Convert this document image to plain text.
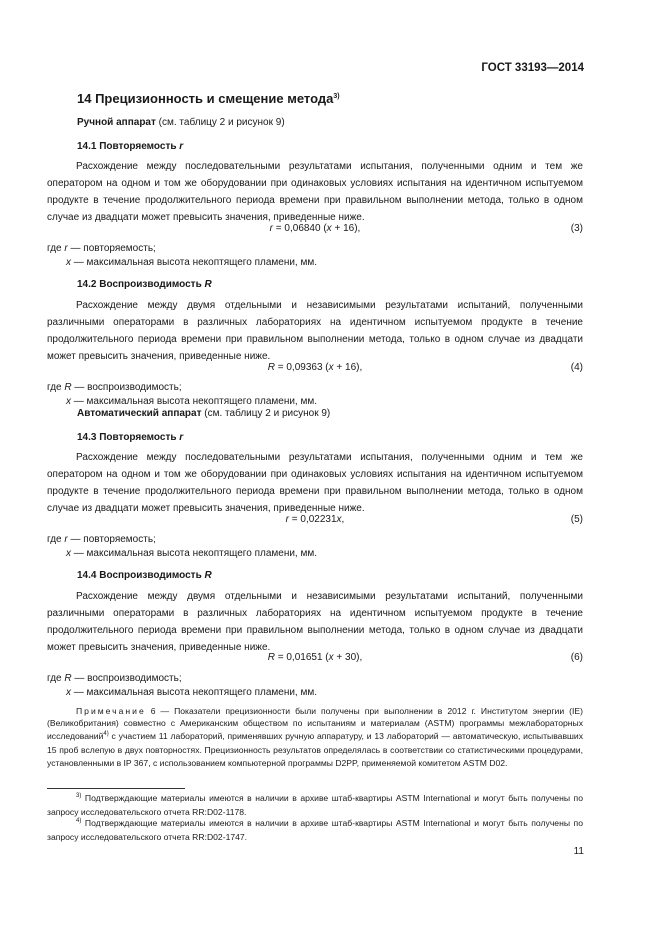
ГОСТ 33193—2014
14 Прецизионность и смещение метода$^{3)}$
Ручной аппарат (см. таблицу 2 и рисунок 9)
14.1 Повторяемость r
Расхождение между последовательными результатами испытания, полученными одним и тем же оператором на одном и том же оборудовании при одинаковых условиях испытания на идентичном испытуемом продукте в течение продолжительного периода времени при правильном выполнении метода, только в одном случае из двадцати может превысить значения, приведенные ниже.
r = 0,06840 (x + 16),	(3)
где r — повторяемость;
x — максимальная высота некоптящего пламени, мм.
14.2 Воспроизводимость R
Расхождение между двумя отдельными и независимыми результатами испытаний, полученными различными операторами в различных лабораториях на идентичном испытуемом продукте в течение продолжительного периода времени при правильном выполнении метода, только в одном случае из двадцати может превысить значения, приведенные ниже.
R = 0,09363 (x + 16),	(4)
где R — воспроизводимость;
x — максимальная высота некоптящего пламени, мм.
Автоматический аппарат (см. таблицу 2 и рисунок 9)
14.3 Повторяемость r
Расхождение между последовательными результатами испытания, полученными одним и тем же оператором на одном и том же оборудовании при одинаковых условиях испытания на идентичном испытуемом продукте в течение продолжительного периода времени при правильном выполнении метода, только в одном случае из двадцати может превысить значения, приведенные ниже.
r = 0,02231x,	(5)
где r — повторяемость;
x — максимальная высота некоптящего пламени, мм.
14.4 Воспроизводимость R
Расхождение между двумя отдельными и независимыми результатами испытаний, полученными различными операторами в различных лабораториях на идентичном испытуемом продукте в течение продолжительного периода времени при правильном выполнении метода, только в одном случае из двадцати может превысить значения, приведенные ниже.
R = 0,01651 (x + 30),	(6)
где R — воспроизводимость;
x — максимальная высота некоптящего пламени, мм.
Примечание 6 — Показатели прецизионности были получены при выполнении в 2012 г. Институтом энергии (IE) (Великобритания) совместно с Американским обществом по испытаниям и материалам (ASTM) программы межлабораторных исследований$^{4)}$ с участием 11 лабораторий, применявших ручную аппаратуру, и 13 лабораторий — автоматическую, испытывавших 15 проб вслепую в двух повторностях. Прецизионность результатов определялась в соответствии со статистическими процедурами, установленными в IP 367, с использованием компьютерной программы D2PP, применяемой комитетом ASTM D02.
$^{3)}$ Подтверждающие материалы имеются в наличии в архиве штаб-квартиры ASTM International и могут быть получены по запросу исследовательского отчета RR:D02-1178.
$^{4)}$ Подтверждающие материалы имеются в наличии в архиве штаб-квартиры ASTM International и могут быть получены по запросу исследовательского отчета RR:D02-1747.
11
